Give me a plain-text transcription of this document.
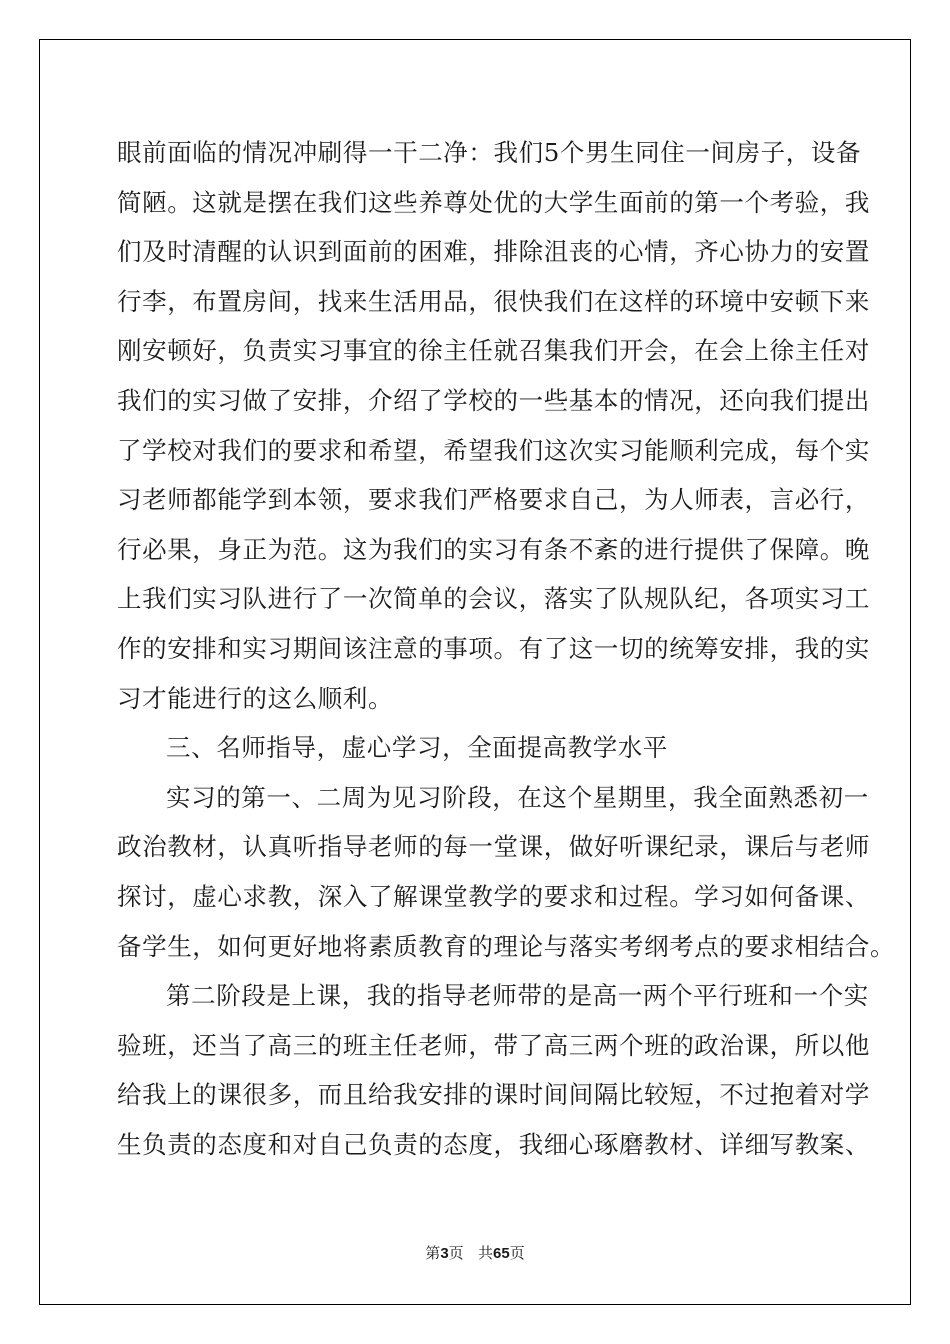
眼前面临的情况冲刷得一干二净：我们5个男生同住一间房子，设备
简陋。这就是摆在我们这些养尊处优的大学生面前的第一个考验，我
们及时清醒的认识到面前的困难，排除沮丧的心情，齐心协力的安置
行李，布置房间，找来生活用品，很快我们在这样的环境中安顿下来
刚安顿好，负责实习事宜的徐主任就召集我们开会，在会上徐主任对
我们的实习做了安排，介绍了学校的一些基本的情况，还向我们提出
了学校对我们的要求和希望，希望我们这次实习能顺利完成，每个实
习老师都能学到本领，要求我们严格要求自己，为人师表，言必行，
行必果，身正为范。这为我们的实习有条不紊的进行提供了保障。晚
上我们实习队进行了一次简单的会议，落实了队规队纪，各项实习工
作的安排和实习期间该注意的事项。有了这一切的统筹安排，我的实
习才能进行的这么顺利。
三、名师指导，虚心学习，全面提高教学水平
实习的第一、二周为见习阶段，在这个星期里，我全面熟悉初一
政治教材，认真听指导老师的每一堂课，做好听课纪录，课后与老师
探讨，虚心求教，深入了解课堂教学的要求和过程。学习如何备课、
备学生，如何更好地将素质教育的理论与落实考纲考点的要求相结合。
第二阶段是上课，我的指导老师带的是高一两个平行班和一个实
验班，还当了高三的班主任老师，带了高三两个班的政治课，所以他
给我上的课很多，而且给我安排的课时间间隔比较短，不过抱着对学
生负责的态度和对自己负责的态度，我细心琢磨教材、详细写教案、
第3页 共65页
